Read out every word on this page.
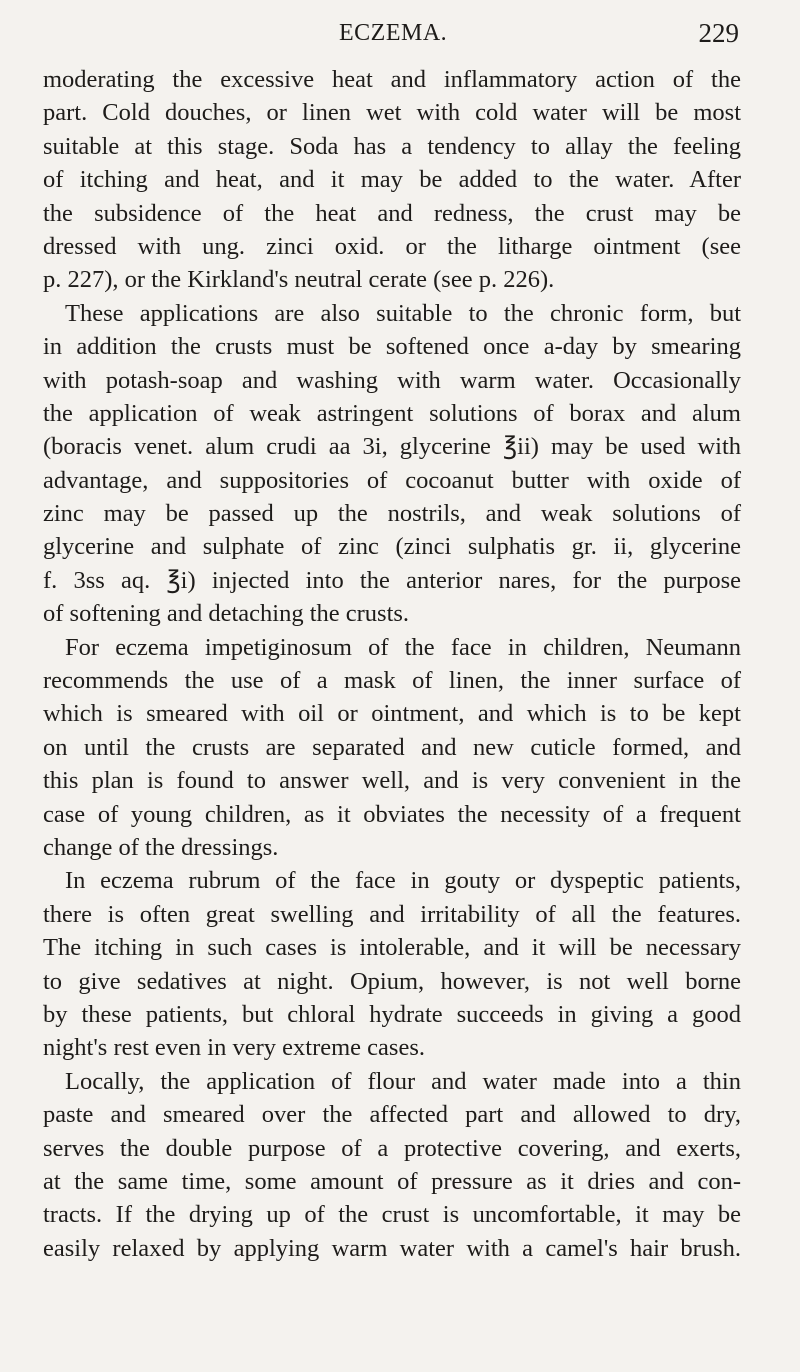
ECZEMA.	229
moderating the excessive heat and inflammatory action of the
part. Cold douches, or linen wet with cold water will be most
suitable at this stage. Soda has a tendency to allay the feeling
of itching and heat, and it may be added to the water. After
the subsidence of the heat and redness, the crust may be
dressed with ung. zinci oxid. or the litharge ointment (see
p. 227), or the Kirkland's neutral cerate (see p. 226).
These applications are also suitable to the chronic form, but
in addition the crusts must be softened once a-day by smearing
with potash-soap and washing with warm water. Occasionally
the application of weak astringent solutions of borax and alum
(boracis venet. alum crudi aa 3i, glycerine ℥ii) may be used with
advantage, and suppositories of cocoanut butter with oxide of
zinc may be passed up the nostrils, and weak solutions of
glycerine and sulphate of zinc (zinci sulphatis gr. ii, glycerine
f. 3ss aq. ℥i) injected into the anterior nares, for the purpose
of softening and detaching the crusts.
For eczema impetiginosum of the face in children, Neumann
recommends the use of a mask of linen, the inner surface of
which is smeared with oil or ointment, and which is to be kept
on until the crusts are separated and new cuticle formed, and
this plan is found to answer well, and is very convenient in the
case of young children, as it obviates the necessity of a frequent
change of the dressings.
In eczema rubrum of the face in gouty or dyspeptic patients,
there is often great swelling and irritability of all the features.
The itching in such cases is intolerable, and it will be necessary
to give sedatives at night. Opium, however, is not well borne
by these patients, but chloral hydrate succeeds in giving a good
night's rest even in very extreme cases.
Locally, the application of flour and water made into a thin
paste and smeared over the affected part and allowed to dry,
serves the double purpose of a protective covering, and exerts,
at the same time, some amount of pressure as it dries and con-
tracts. If the drying up of the crust is uncomfortable, it may be
easily relaxed by applying warm water with a camel's hair brush.
